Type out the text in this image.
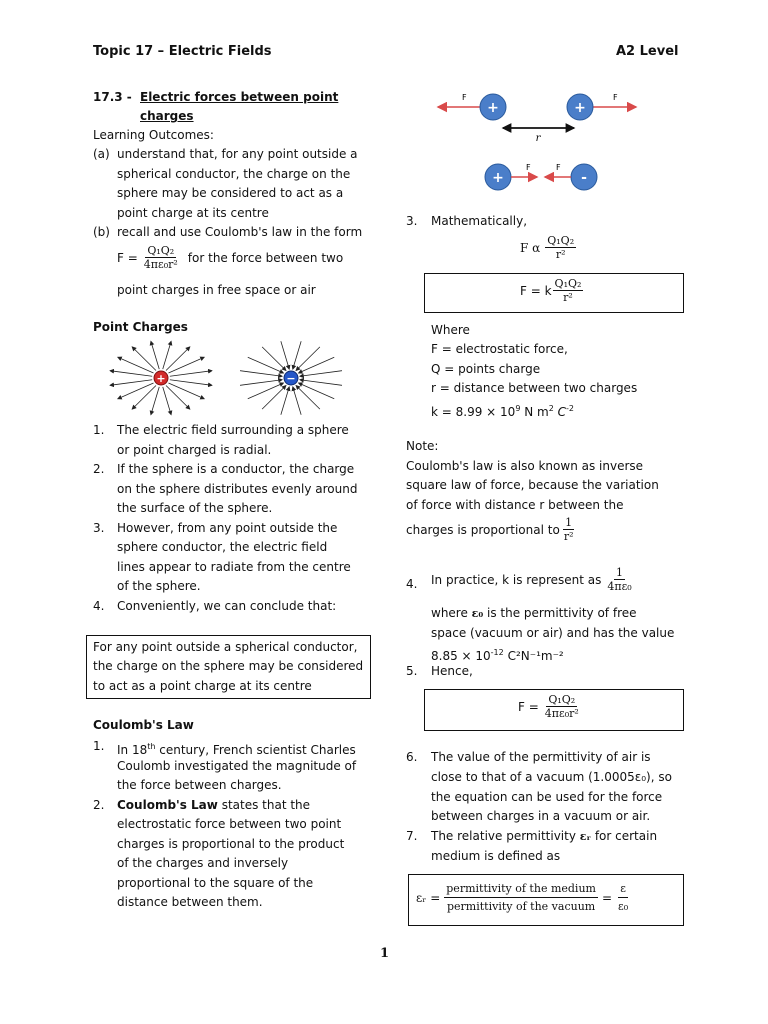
Topic 17 – Electric Fields	A2 Level
17.3 - Electric forces between point
charges
Learning Outcomes:
(a) understand that, for any point outside a
spherical conductor, the charge on the
sphere may be considered to act as a
point charge at its centre
(b) recall and use Coulomb's law in the form
$F = \frac{\text{Q₁Q₂}}{\text{4πε₀r²}}$ for the force between two
point charges in free space or air
Point Charges
+	−
1. The electric field surrounding a sphere
or point charged is radial.
2. If the sphere is a conductor, the charge
on the sphere distributes evenly around
the surface of the sphere.
3. However, from any point outside the
sphere conductor, the electric field
lines appear to radiate from the centre
of the sphere.
4. Conveniently, we can conclude that:
For any point outside a spherical conductor,
the charge on the sphere may be considered
to act as a point charge at its centre
Coulomb's Law
1. In 18th century, French scientist Charles
Coulomb investigated the magnitude of
the force between charges.
2. Coulomb's Law states that the
electrostatic force between two point
charges is proportional to the product
of the charges and inversely
proportional to the square of the
distance between them.
F	F
+	+
r
+	-
F	F
3. Mathematically,
F α $\frac{\text{Q₁Q₂}}{\text{r²}}$
F = k $\frac{\text{Q₁Q₂}}{\text{r²}}$
Where
F = electrostatic force,
Q = points charge
r = distance between two charges
$k = 8.99 \times 10^9$ N $m^2$ $C^{-2}$
Note:
Coulomb's law is also known as inverse
square law of force, because the variation
of force with distance r between the
charges is proportional to $\frac{1}{\text{r²}}$
4. In practice, k is represent as $\frac{1}{\text{4πε₀}}$
where ε₀ is the permittivity of free
space (vacuum or air) and has the value
$8.85 \times 10^{-12}$ C²N⁻¹m⁻²
5. Hence,
$F = \frac{\text{Q₁Q₂}}{\text{4πε₀r²}}$
6. The value of the permittivity of air is
close to that of a vacuum (1.0005ε₀), so
the equation can be used for the force
between charges in a vacuum or air.
7. The relative permittivity εᵣ for certain
medium is defined as
εᵣ = $\frac{\text{permittivity of the medium}}{\text{permittivity of the vacuum}} = \frac{\varepsilon}{\text{ε₀}}$
1
